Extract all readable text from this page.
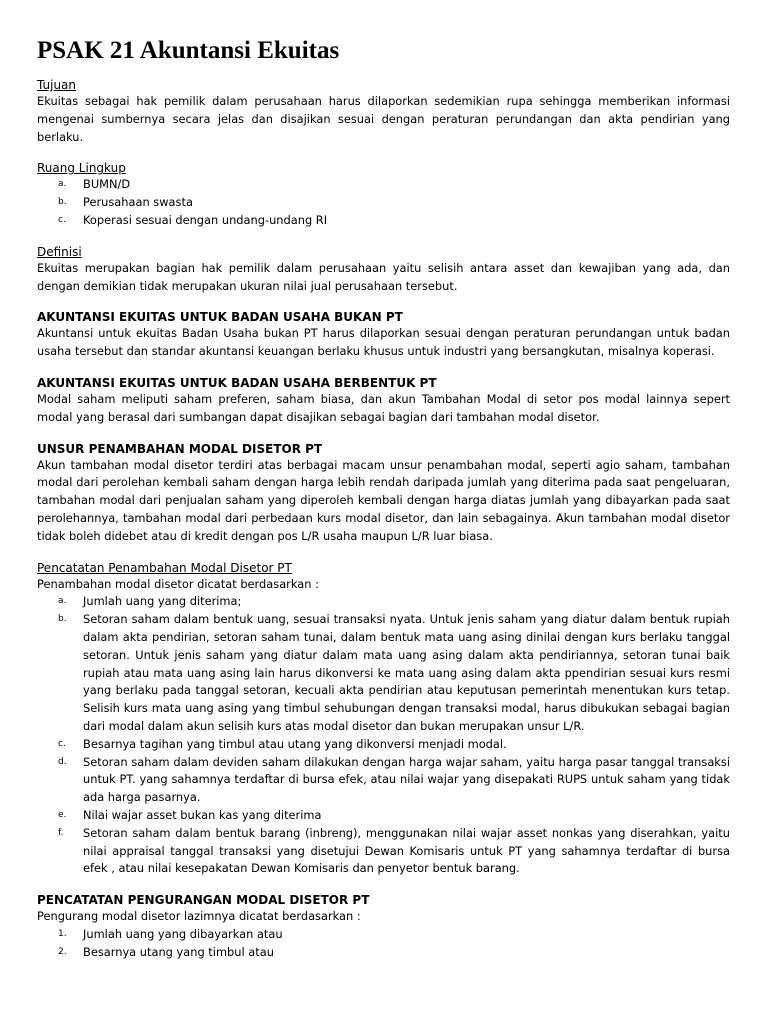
PSAK 21 Akuntansi Ekuitas
Tujuan

Ekuitas sebagai hak pemilik dalam perusahaan harus dilaporkan sedemikian rupa sehingga memberikan informasi mengenai sumbernya secara jelas dan disajikan sesuai dengan peraturan perundangan dan akta pendirian yang berlaku.

Ruang Lingkup
a. BUMN/D
b. Perusahaan swasta
c. Koperasi sesuai dengan undang-undang RI
Definisi

Ekuitas merupakan bagian hak pemilik dalam perusahaan yaitu selisih antara asset dan kewajiban yang ada, dan dengan demikian tidak merupakan ukuran nilai jual perusahaan tersebut.

AKUNTANSI EKUITAS UNTUK BADAN USAHA BUKAN PT

Akuntansi untuk ekuitas Badan Usaha bukan PT harus dilaporkan sesuai dengan peraturan perundangan untuk badan usaha tersebut dan standar akuntansi keuangan berlaku khusus untuk industri yang bersangkutan, misalnya koperasi.

AKUNTANSI EKUITAS UNTUK BADAN USAHA BERBENTUK PT

Modal saham meliputi saham preferen, saham biasa, dan akun Tambahan Modal di setor pos modal lainnya sepert modal yang berasal dari sumbangan dapat disajikan sebagai bagian dari tambahan modal disetor.

UNSUR PENAMBAHAN MODAL DISETOR PT

Akun tambahan modal disetor terdiri atas berbagai macam unsur penambahan modal, seperti agio saham, tambahan modal dari perolehan kembali saham dengan harga lebih rendah daripada jumlah yang diterima pada saat pengeluaran, tambahan modal dari penjualan saham yang diperoleh kembali dengan harga diatas jumlah yang dibayarkan pada saat perolehannya, tambahan modal dari perbedaan kurs modal disetor, dan lain sebagainya. Akun tambahan modal disetor tidak boleh didebet atau di kredit dengan pos L/R usaha maupun L/R luar biasa.

Pencatatan Penambahan Modal Disetor PT

Penambahan modal disetor dicatat berdasarkan :

a. Jumlah uang yang diterima;
b. Setoran saham dalam bentuk uang, sesuai transaksi nyata. Untuk jenis saham yang diatur dalam bentuk rupiah dalam akta pendirian, setoran saham tunai, dalam bentuk mata uang asing dinilai dengan kurs berlaku tanggal setoran. Untuk jenis saham yang diatur dalam mata uang asing dalam akta pendiriannya, setoran tunai baik rupiah atau mata uang asing lain harus dikonversi ke mata uang asing dalam akta ppendirian sesuai kurs resmi yang berlaku pada tanggal setoran, kecuali akta pendirian atau keputusan pemerintah menentukan kurs tetap. Selisih kurs mata uang asing yang timbul sehubungan dengan transaksi modal, harus dibukukan sebagai bagian dari modal dalam akun selisih kurs atas modal disetor dan bukan merupakan unsur L/R.
c. Besarnya tagihan yang timbul atau utang yang dikonversi menjadi modal.
d. Setoran saham dalam deviden saham dilakukan dengan harga wajar saham, yaitu harga pasar tanggal transaksi untuk PT. yang sahamnya terdaftar di bursa efek, atau nilai wajar yang disepakati RUPS untuk saham yang tidak ada harga pasarnya.
e. Nilai wajar asset bukan kas yang diterima
f. Setoran saham dalam bentuk barang (inbreng), menggunakan nilai wajar asset nonkas yang diserahkan, yaitu nilai appraisal tanggal transaksi yang disetujui Dewan Komisaris untuk PT yang sahamnya terdaftar di bursa efek , atau nilai kesepakatan Dewan Komisaris dan penyetor bentuk barang.
PENCATATAN PENGURANGAN MODAL DISETOR PT

Pengurang modal disetor lazimnya dicatat berdasarkan :

1. Jumlah uang yang dibayarkan atau
2. Besarnya utang yang timbul atau
